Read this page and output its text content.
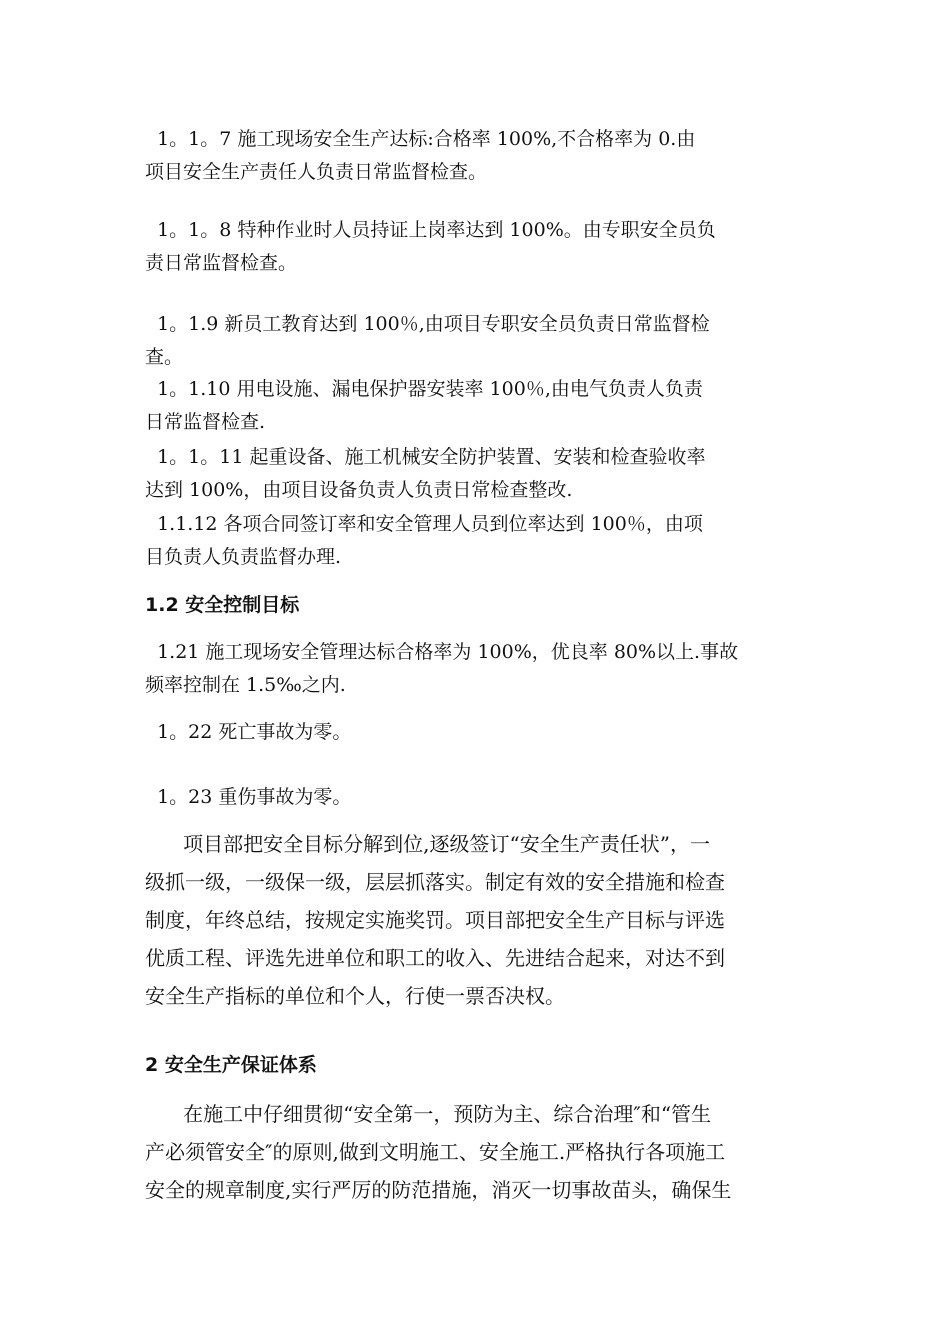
1。1。7 施工现场安全生产达标:合格率 100%,不合格率为 0.由
项目安全生产责任人负责日常监督检查。

1。1。8 特种作业时人员持证上岗率达到 100%。由专职安全员负
责日常监督检查。

1。1.9 新员工教育达到 100％,由项目专职安全员负责日常监督检
查。

1。1.10 用电设施、漏电保护器安装率 100％,由电气负责人负责
日常监督检查.

1。1。11 起重设备、施工机械安全防护装置、安装和检查验收率
达到 100%，由项目设备负责人负责日常检查整改.

1.1.12 各项合同签订率和安全管理人员到位率达到 100％，由项
目负责人负责监督办理.

1.2 安全控制目标

1.21 施工现场安全管理达标合格率为 100%，优良率 80%以上.事故
频率控制在 1.5‰之内.

1。22 死亡事故为零。

1。23 重伤事故为零。

项目部把安全目标分解到位,逐级签订“安全生产责任状”，一
级抓一级，一级保一级，层层抓落实。制定有效的安全措施和检查
制度，年终总结，按规定实施奖罚。项目部把安全生产目标与评选
优质工程、评选先进单位和职工的收入、先进结合起来，对达不到
安全生产指标的单位和个人，行使一票否决权。

2 安全生产保证体系

在施工中仔细贯彻“安全第一，预防为主、综合治理″和“管生
产必须管安全″的原则,做到文明施工、安全施工.严格执行各项施工
安全的规章制度,实行严厉的防范措施，消灭一切事故苗头，确保生
